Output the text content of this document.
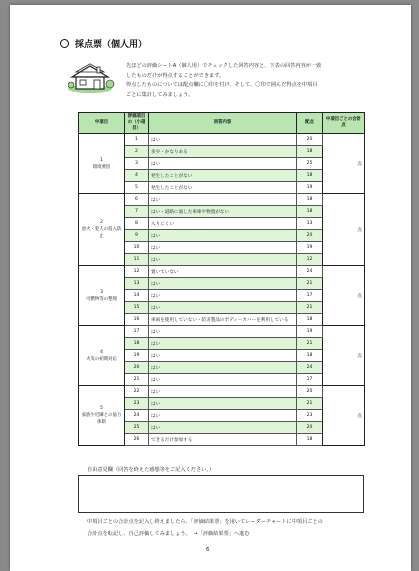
採点票（個人用）

先ほどの評価シートA（個人用）でチェックした回答内容と、下表の回答内容が一致

したものだけが得点することができます。

得点したものについては配点欄に〇印を付け、そして、〇印で囲んだ得点を中項目

ごとに集計してみましょう。

中項目	評価項目の（小項目）	回答内容	配点	中項目ごとの合計点

1
環境要因	1	はい	20	点
	2	多少・かなりある	18	
	3	はい	25	
	4	発生したことがない	18	
	5	発生したことがない	19	

2
放火・犯人の侵入防止	6	はい	18	点
	7	はい・道路に面した車庫や物置がない	18	
	8	入りにくい	13	
	9	はい	20	
	10	はい	19	
	11	はい	12	

3
可燃物等の整理	12	置いていない	24	点
	13	はい	21	
	14	はい	17	
	15	はい	21	
	16	車両を使用していない・防炎製品のボディーカバーを利用している	18	

4
火災の初期対応	17	はい	19	点
	18	はい	21	
	19	はい	18	
	20	はい	24	
	21	はい	17	

5
家族や近隣との協力体制	22	はい	20	点
	23	はい	21	
	24	はい	23	
	25	はい	20	
	26	できるだけ参加する	18	
自由意見欄（回答を終えた感想等をご記入ください。）

中項目ごとの合計点を記入し終えましたら、「評価結果票」を用いてレーダーチャートに中項目ごとの

合計点を転記し、自己評価してみましょう。　→「評価結果票」へ進む

6
